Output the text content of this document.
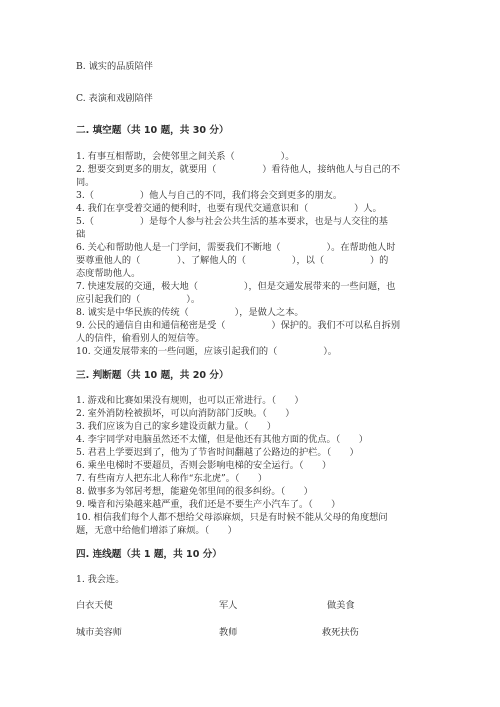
B. 诚实的品质陪伴
C. 表演和戏剧陪伴
二. 填空题（共 10 题，共 30 分）
1. 有事互相帮助，会使邻里之间关系（　　　　　）。
2. 想要交到更多的朋友，就要用（　　　　　）看待他人，接纳他人与自己的不
同。
3.（　　　　　）他人与自己的不同，我们将会交到更多的朋友。
4. 我们在享受着交通的便利时，也要有现代交通意识和（　　　　　）人。
5.（　　　　　）是每个人参与社会公共生活的基本要求，也是与人交往的基
础
6. 关心和帮助他人是一门学问，需要我们不断地（　　　　　）。在帮助他人时
要尊重他人的（　　　　）、了解他人的（　　　　　），以（　　　　　）的
态度帮助他人。
7. 快速发展的交通，极大地（　　　　　），但是交通发展带来的一些问题，也
应引起我们的（　　　　　）。
8. 诚实是中华民族的传统（　　　　　），是做人之本。
9. 公民的通信自由和通信秘密是受（　　　　　）保护的。我们不可以私自拆别
人的信件，偷看别人的短信等。
10. 交通发展带来的一些问题，应该引起我们的（　　　　　）。
三. 判断题（共 10 题，共 20 分）
1. 游戏和比赛如果没有规则，也可以正常进行。（　　）
2. 室外消防栓被损坏，可以向消防部门反映。（　　）
3. 我们应该为自己的家乡建设贡献力量。（　　）
4. 李宇同学对电脑虽然还不太懂，但是他还有其他方面的优点。（　　）
5. 君君上学要迟到了，他为了节省时间翻越了公路边的护栏。（　　）
6. 乘坐电梯时不要超员，否则会影响电梯的安全运行。（　　）
7. 有些南方人把东北人称作“东北虎”。（　　）
8. 做事多为邻居考想，能避免邻里间的很多纠纷。（　　）
9. 噪音和污染越来越严重，我们还是不要生产小汽车了。（　　）
10. 相信我们每个人都不想给父母添麻烦，只是有时候不能从父母的角度想问
题，无意中给他们增添了麻烦。（　　）
四. 连线题（共 1 题，共 10 分）
1. 我会连。
白衣天使	军人	做美食
城市美容师	教师	救死扶伤
